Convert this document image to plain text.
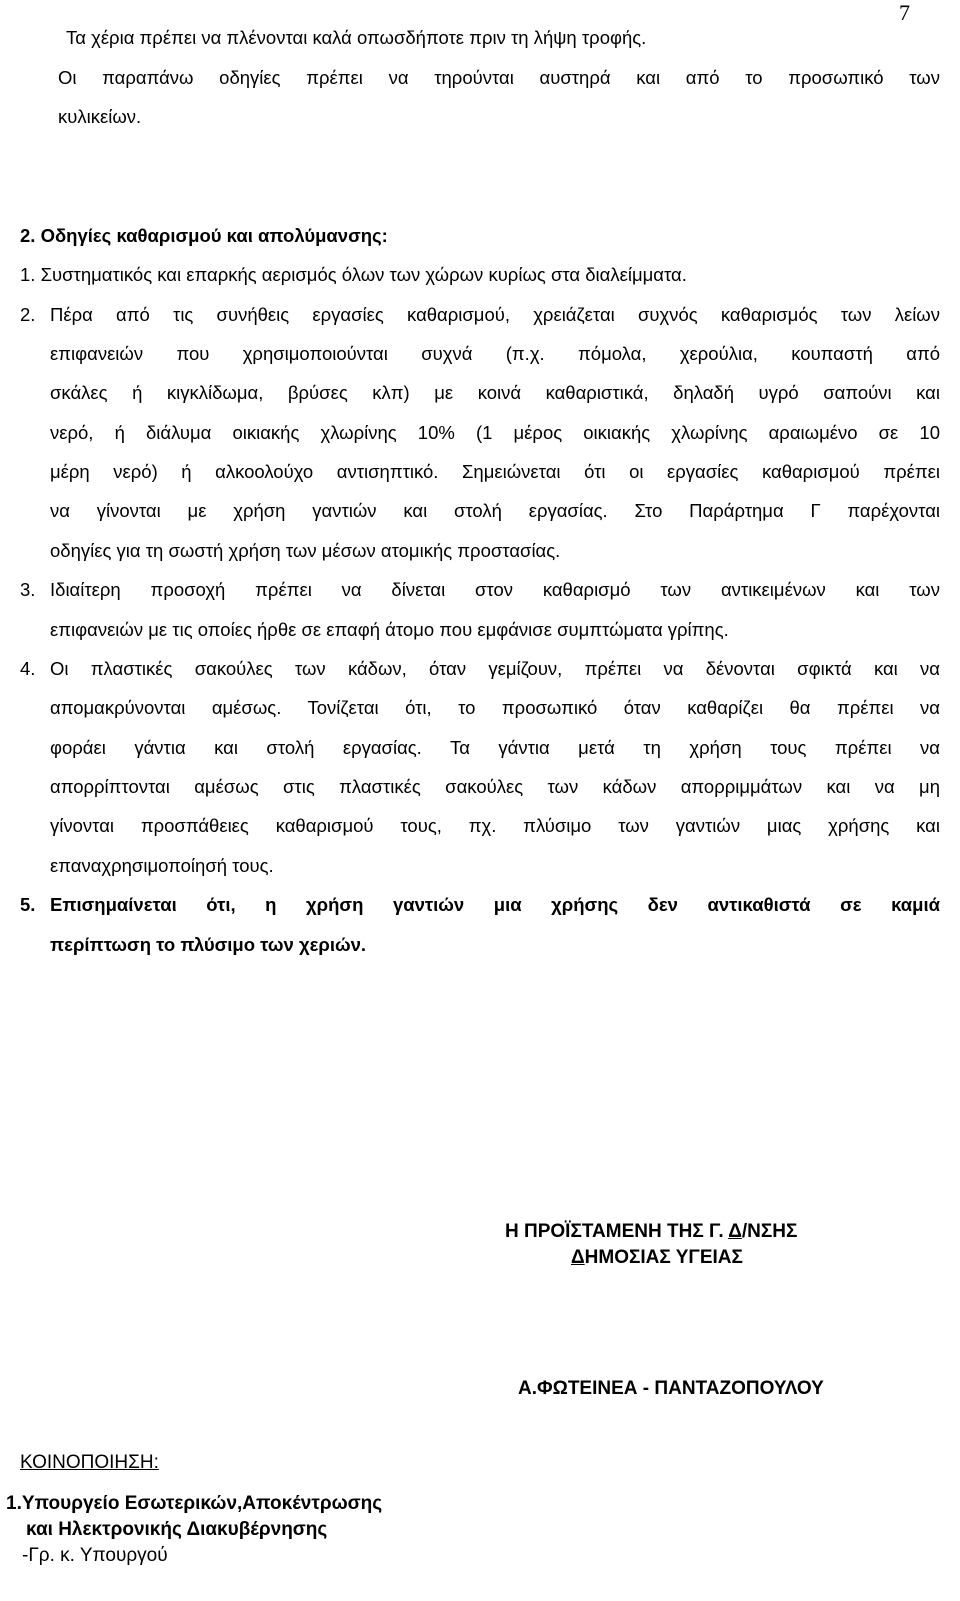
7
Τα χέρια πρέπει να πλένονται καλά οπωσδήποτε πριν τη λήψη τροφής.
Οι παραπάνω οδηγίες πρέπει να τηρούνται αυστηρά και από το προσωπικό των
κυλικείων.
2. Οδηγίες καθαρισμού και απολύμανσης:
1. Συστηματικός και επαρκής αερισμός όλων των χώρων κυρίως στα διαλείμματα.
2. Πέρα από τις συνήθεις εργασίες καθαρισμού, χρειάζεται συχνός καθαρισμός των λείων
επιφανειών που χρησιμοποιούνται συχνά (π.χ. πόμολα, χερούλια, κουπαστή από
σκάλες ή κιγκλίδωμα, βρύσες κλπ) με κοινά καθαριστικά, δηλαδή υγρό σαπούνι και
νερό, ή διάλυμα οικιακής χλωρίνης 10% (1 μέρος οικιακής χλωρίνης αραιωμένο σε 10
μέρη νερό) ή αλκοολούχο αντισηπτικό. Σημειώνεται ότι οι εργασίες καθαρισμού πρέπει
να γίνονται με χρήση γαντιών και στολή εργασίας. Στο Παράρτημα Γ παρέχονται
οδηγίες για τη σωστή χρήση των μέσων ατομικής προστασίας.
3. Ιδιαίτερη προσοχή πρέπει να δίνεται στον καθαρισμό των αντικειμένων και των
επιφανειών με τις οποίες ήρθε σε επαφή άτομο που εμφάνισε συμπτώματα γρίπης.
4. Οι πλαστικές σακούλες των κάδων, όταν γεμίζουν, πρέπει να δένονται σφικτά και να
απομακρύνονται αμέσως. Τονίζεται ότι, το προσωπικό όταν καθαρίζει θα πρέπει να
φοράει γάντια και στολή εργασίας. Τα γάντια μετά τη χρήση τους πρέπει να
απορρίπτονται αμέσως στις πλαστικές σακούλες των κάδων απορριμμάτων και να μη
γίνονται προσπάθειες καθαρισμού τους, πχ. πλύσιμο των γαντιών μιας χρήσης και
επαναχρησιμοποίησή τους.
5. Επισημαίνεται ότι, η χρήση γαντιών μια χρήσης δεν αντικαθιστά σε καμιά
περίπτωση το πλύσιμο των χεριών.
Η ΠΡΟΪΣΤΑΜΕΝΗ ΤΗΣ Γ. Δ/ΝΣΗΣ
ΔΗΜΟΣΙΑΣ ΥΓΕΙΑΣ
Α.ΦΩΤΕΙΝΕΑ - ΠΑΝΤΑΖΟΠΟΥΛΟΥ
ΚΟΙΝΟΠΟΙΗΣΗ:
1.Υπουργείο Εσωτερικών,Αποκέντρωσης
και Ηλεκτρονικής Διακυβέρνησης
-Γρ. κ. Υπουργού
